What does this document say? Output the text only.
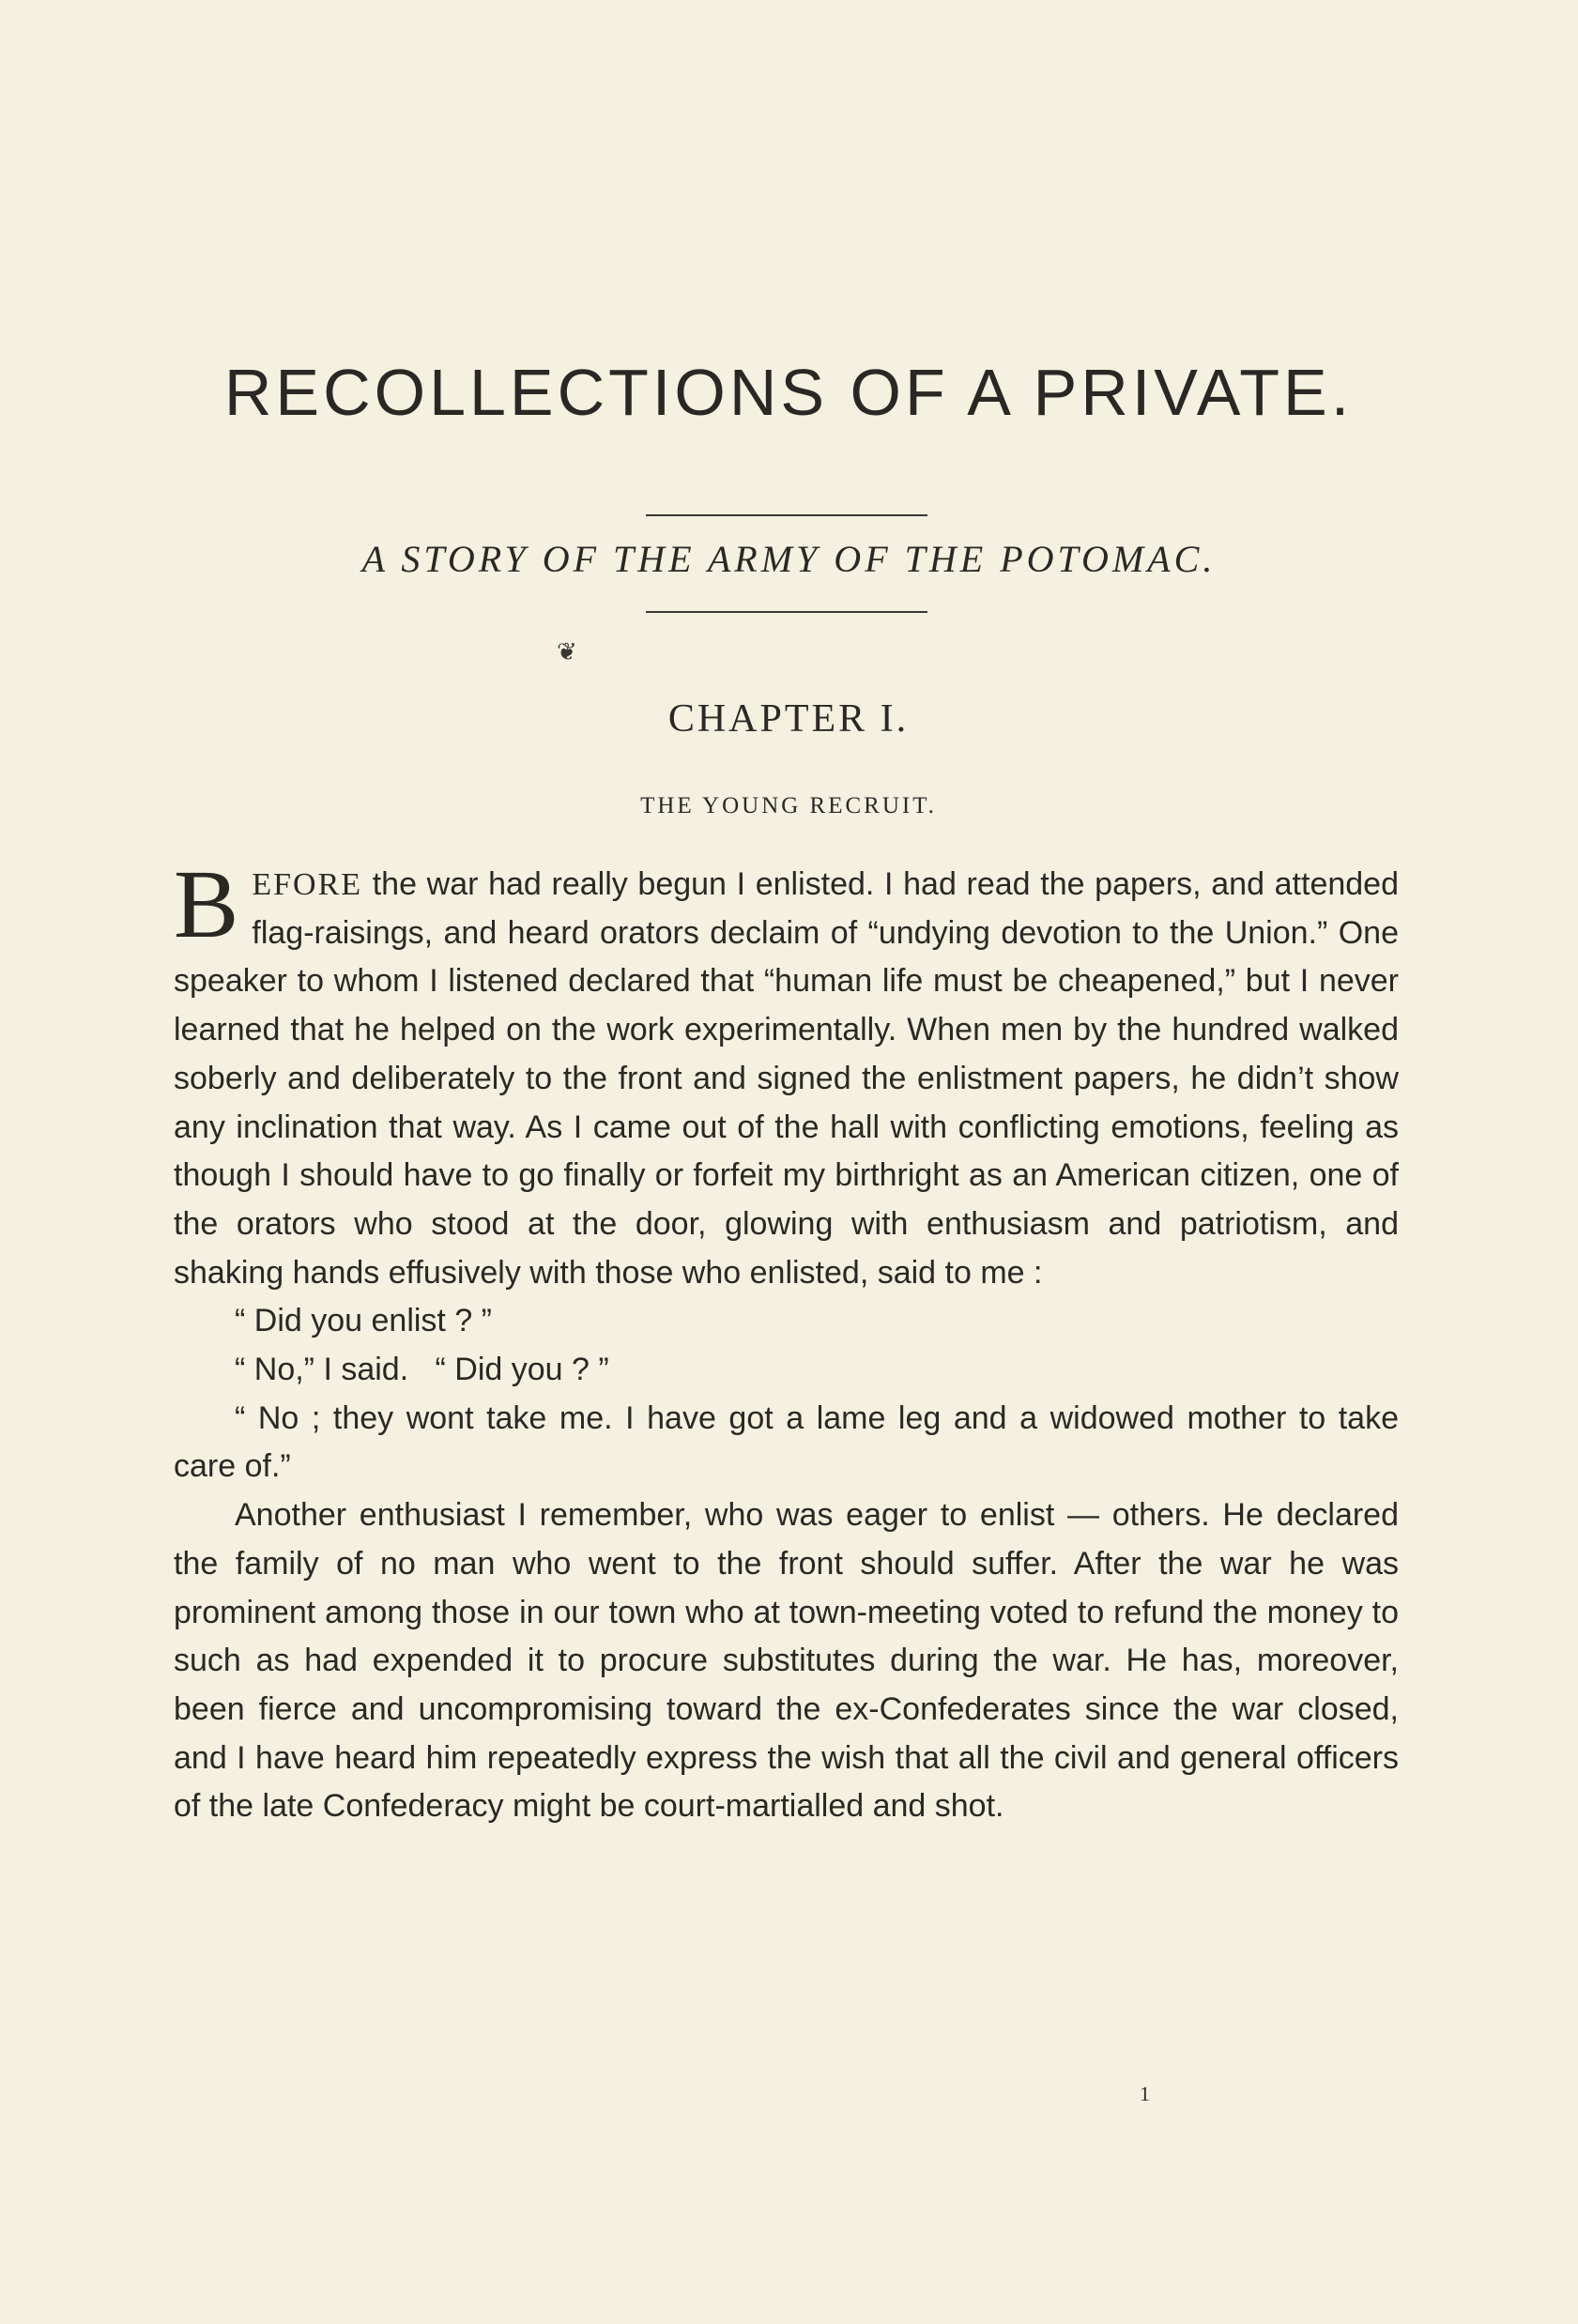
RECOLLECTIONS OF A PRIVATE.
A STORY OF THE ARMY OF THE POTOMAC.
❦
CHAPTER I.
THE YOUNG RECRUIT.

BEFORE the war had really begun I enlisted. I had read the papers, and attended flag-raisings, and heard orators declaim of “undying devotion to the Union.” One speaker to whom I listened declared that “human life must be cheapened,” but I never learned that he helped on the work experimentally. When men by the hundred walked soberly and deliberately to the front and signed the enlistment papers, he didn’t show any inclination that way. As I came out of the hall with conflicting emotions, feeling as though I should have to go finally or forfeit my birthright as an American citizen, one of the orators who stood at the door, glowing with enthusiasm and patriotism, and shaking hands effusively with those who enlisted, said to me :

“ Did you enlist ? ”

“ No,” I said.   “ Did you ? ”

“ No ; they wont take me. I have got a lame leg and a widowed mother to take care of.”

Another enthusiast I remember, who was eager to enlist — others. He declared the family of no man who went to the front should suffer. After the war he was prominent among those in our town who at town-meeting voted to refund the money to such as had expended it to procure substitutes during the war. He has, moreover, been fierce and uncompromising toward the ex-Confederates since the war closed, and I have heard him repeatedly express the wish that all the civil and general officers of the late Confederacy might be court-martialled and shot.

1
